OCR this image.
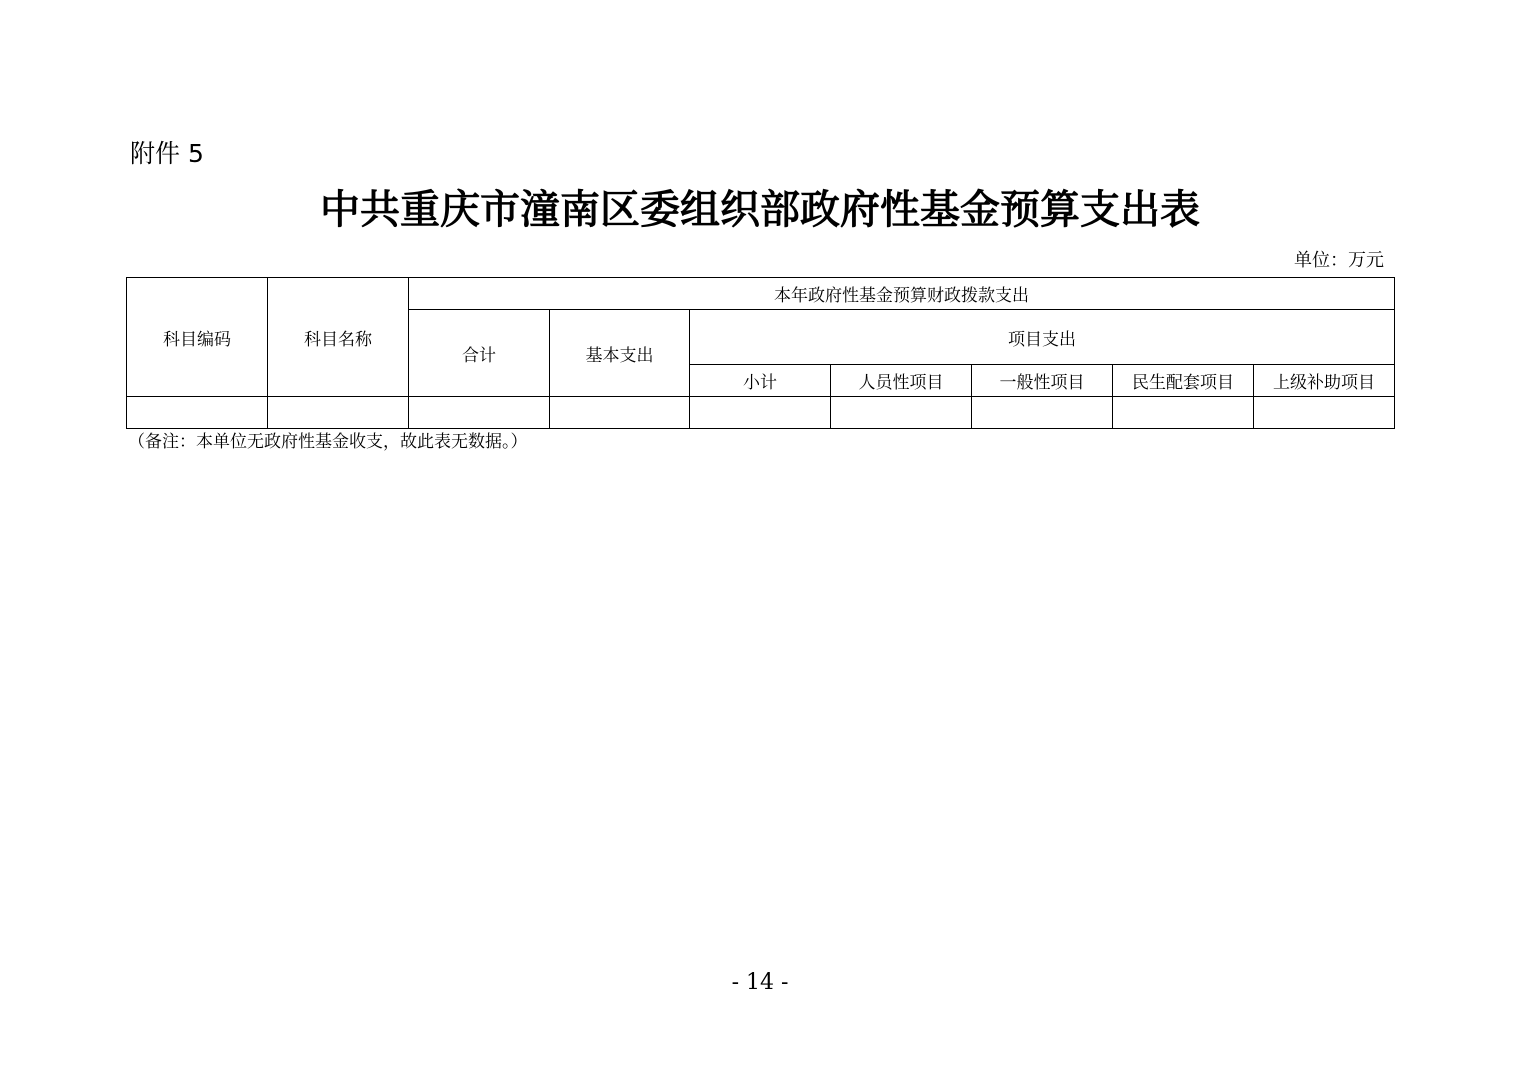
附件 5
中共重庆市潼南区委组织部政府性基金预算支出表
单位：万元
科目编码	科目名称	本年政府性基金预算财政拨款支出						
		合计	基本支出	项目支出				
				小计	人员性项目	一般性项目	民生配套项目	上级补助项目

（备注：本单位无政府性基金收支，故此表无数据。）
- 14 -
